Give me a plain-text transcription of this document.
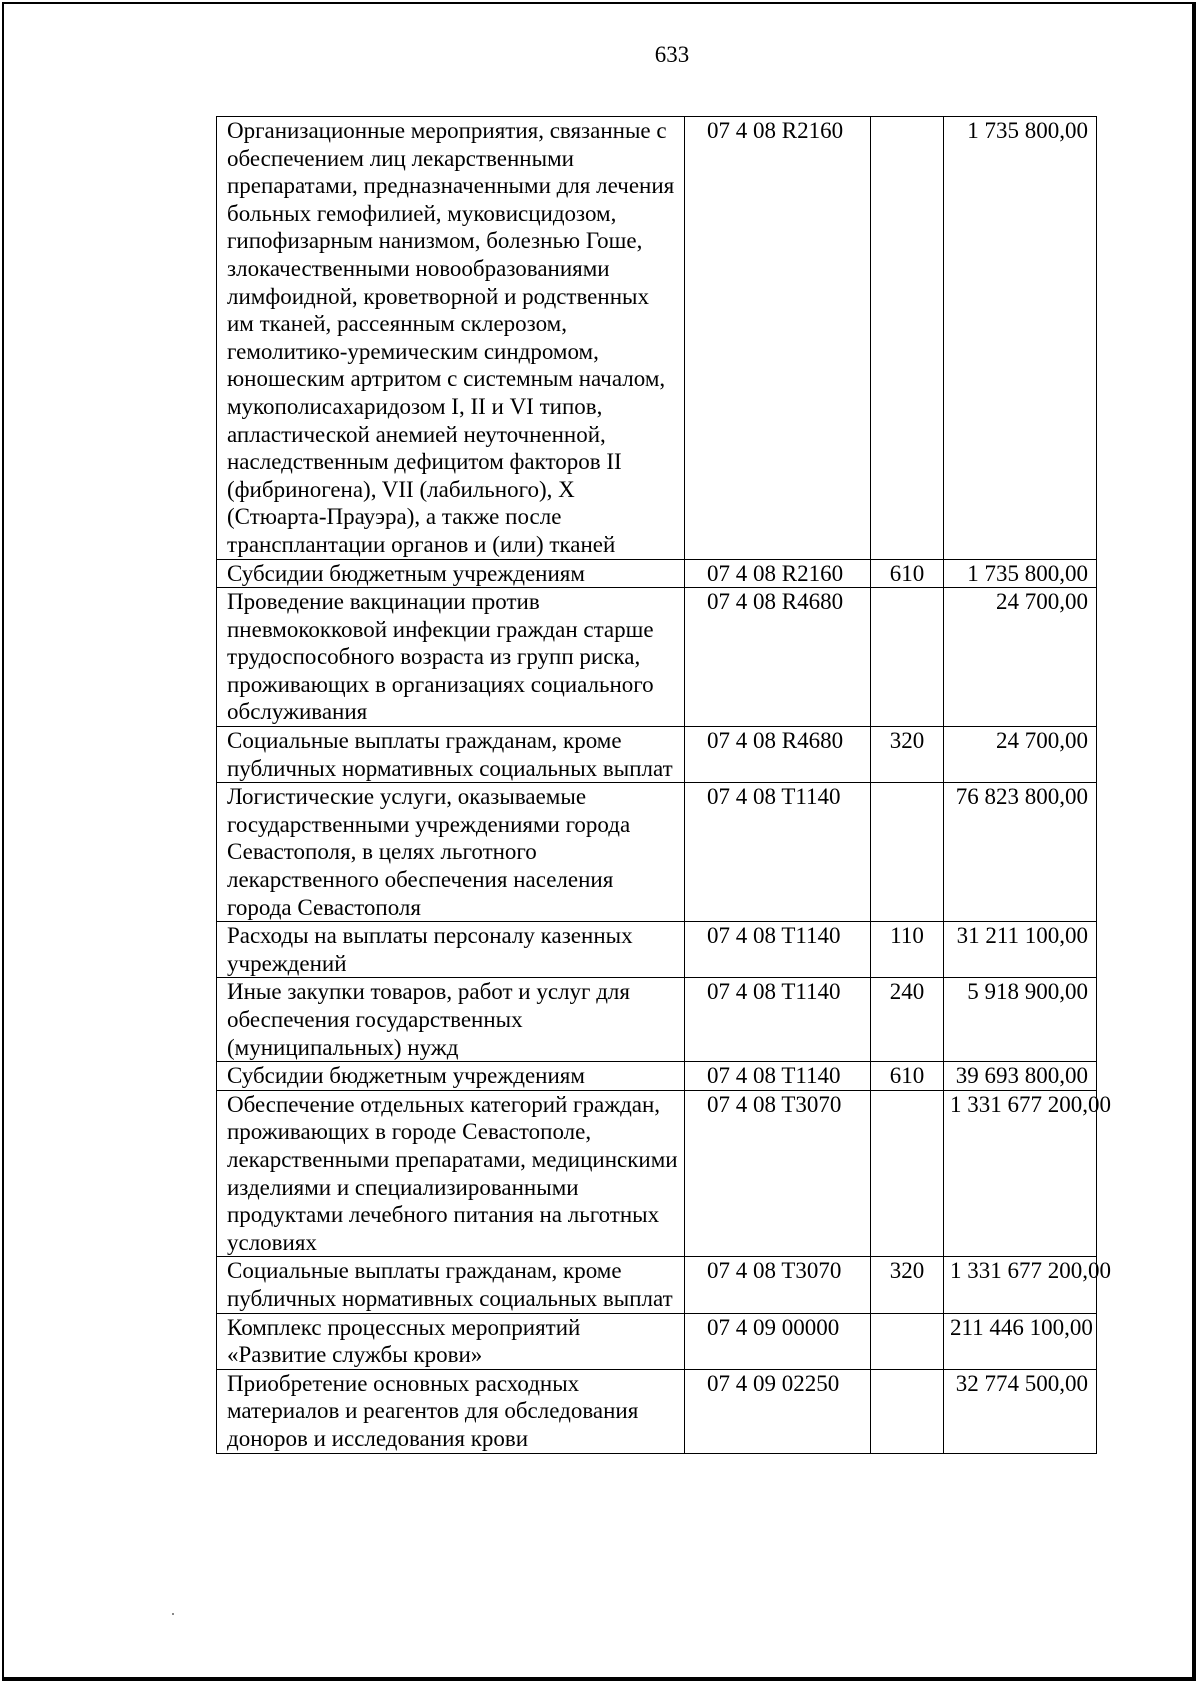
633
Организационные мероприятия, связанные с обеспечением лиц лекарственными препаратами, предназначенными для лечения больных гемофилией, муковисцидозом, гипофизарным нанизмом, болезнью Гоше, злокачественными новообразованиями лимфоидной, кроветворной и родственных им тканей, рассеянным склерозом, гемолитико-уремическим синдромом, юношеским артритом с системным началом, мукополисахаридозом I, II и VI типов, апластической анемией неуточненной, наследственным дефицитом факторов II (фибриногена), VII (лабильного), X (Стюарта-Прауэра), а также после трансплантации органов и (или) тканей	07 4 08 R2160		1 735 800,00
Субсидии бюджетным учреждениям	07 4 08 R2160	610	1 735 800,00
Проведение вакцинации против пневмококковой инфекции граждан старше трудоспособного возраста из групп риска, проживающих в организациях социального обслуживания	07 4 08 R4680		24 700,00
Социальные выплаты гражданам, кроме публичных нормативных социальных выплат	07 4 08 R4680	320	24 700,00
Логистические услуги, оказываемые государственными учреждениями города Севастополя, в целях льготного лекарственного обеспечения населения города Севастополя	07 4 08 T1140		76 823 800,00
Расходы на выплаты персоналу казенных учреждений	07 4 08 T1140	110	31 211 100,00
Иные закупки товаров, работ и услуг для обеспечения государственных (муниципальных) нужд	07 4 08 T1140	240	5 918 900,00
Субсидии бюджетным учреждениям	07 4 08 T1140	610	39 693 800,00
Обеспечение отдельных категорий граждан, проживающих в городе Севастополе, лекарственными препаратами, медицинскими изделиями и специализированными продуктами лечебного питания на льготных условиях	07 4 08 T3070		1 331 677 200,00
Социальные выплаты гражданам, кроме публичных нормативных социальных выплат	07 4 08 T3070	320	1 331 677 200,00
Комплекс процессных мероприятий «Развитие службы крови»	07 4 09 00000		211 446 100,00
Приобретение основных расходных материалов и реагентов для обследования доноров и исследования крови	07 4 09 02250		32 774 500,00
